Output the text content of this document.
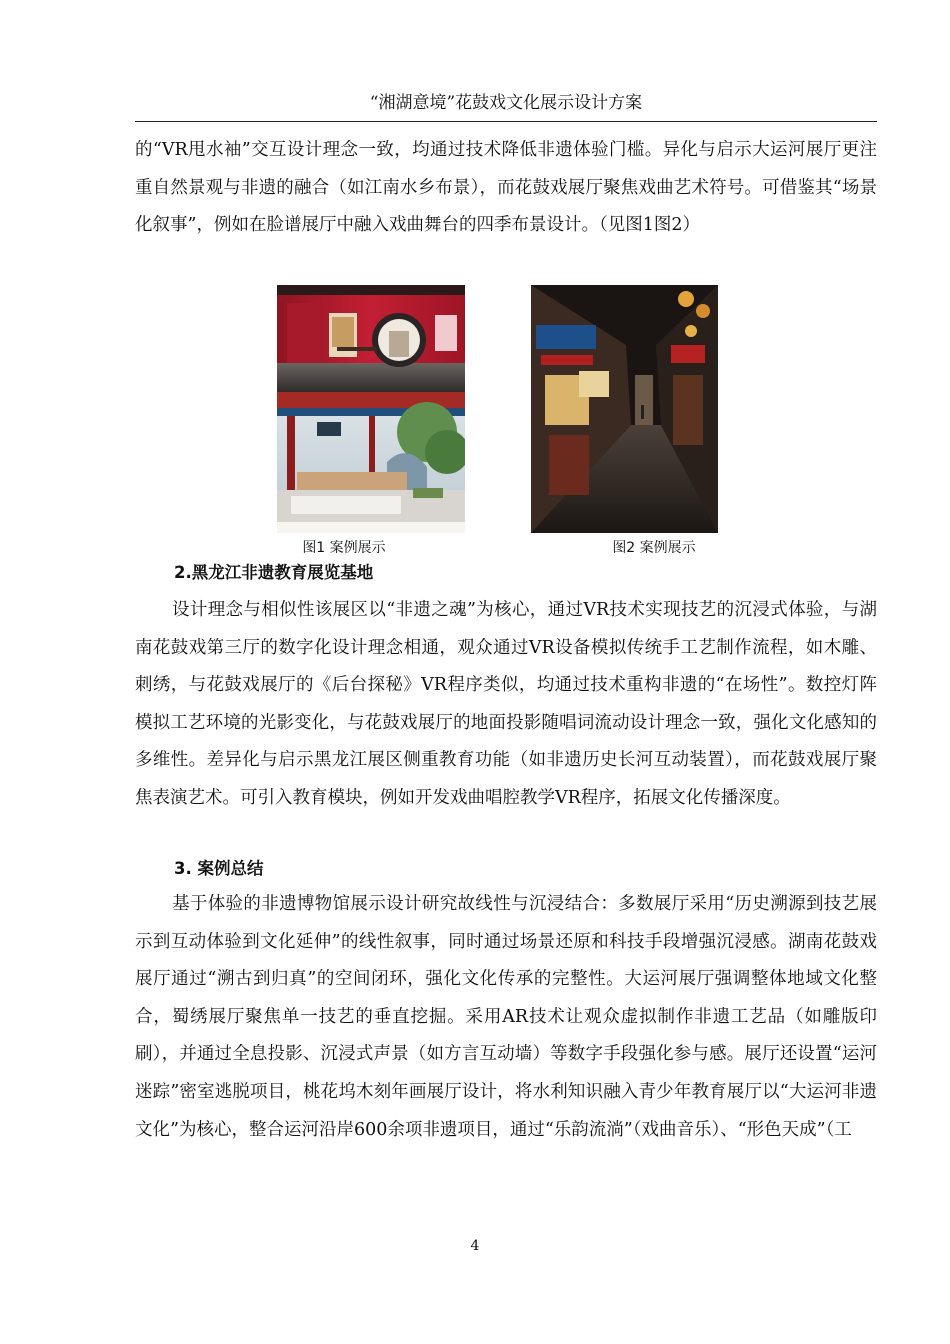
“湘湖意境”花鼓戏文化展示设计方案

的“VR甩水袖”交互设计理念一致，均通过技术降低非遗体验门槛。异化与启示大运河展厅更注重自然景观与非遗的融合（如江南水乡布景），而花鼓戏展厅聚焦戏曲艺术符号。可借鉴其“场景化叙事”，例如在脸谱展厅中融入戏曲舞台的四季布景设计。（见图1图2）

图1 案例展示	图2 案例展示
2.黑龙江非遗教育展览基地

设计理念与相似性该展区以“非遗之魂”为核心，通过VR技术实现技艺的沉浸式体验，与湖南花鼓戏第三厅的数字化设计理念相通，观众通过VR设备模拟传统手工艺制作流程，如木雕、刺绣，与花鼓戏展厅的《后台探秘》VR程序类似，均通过技术重构非遗的“在场性”。数控灯阵模拟工艺环境的光影变化，与花鼓戏展厅的地面投影随唱词流动设计理念一致，强化文化感知的多维性。差异化与启示黑龙江展区侧重教育功能（如非遗历史长河互动装置），而花鼓戏展厅聚焦表演艺术。可引入教育模块，例如开发戏曲唱腔教学VR程序，拓展文化传播深度。

3. 案例总结

基于体验的非遗博物馆展示设计研究故线性与沉浸结合：多数展厅采用“历史溯源到技艺展示到互动体验到文化延伸”的线性叙事，同时通过场景还原和科技手段增强沉浸感。湖南花鼓戏展厅通过“溯古到归真”的空间闭环，强化文化传承的完整性。大运河展厅强调整体地域文化整合，蜀绣展厅聚焦单一技艺的垂直挖掘。采用AR技术让观众虚拟制作非遗工艺品（如雕版印刷），并通过全息投影、沉浸式声景（如方言互动墙）等数字手段强化参与感。展厅还设置“运河迷踪”密室逃脱项目，桃花坞木刻年画展厅设计，将水利知识融入青少年教育展厅以“大运河非遗文化”为核心，整合运河沿岸600余项非遗项目，通过“乐韵流淌”（戏曲音乐）、“形色天成”（工

4
